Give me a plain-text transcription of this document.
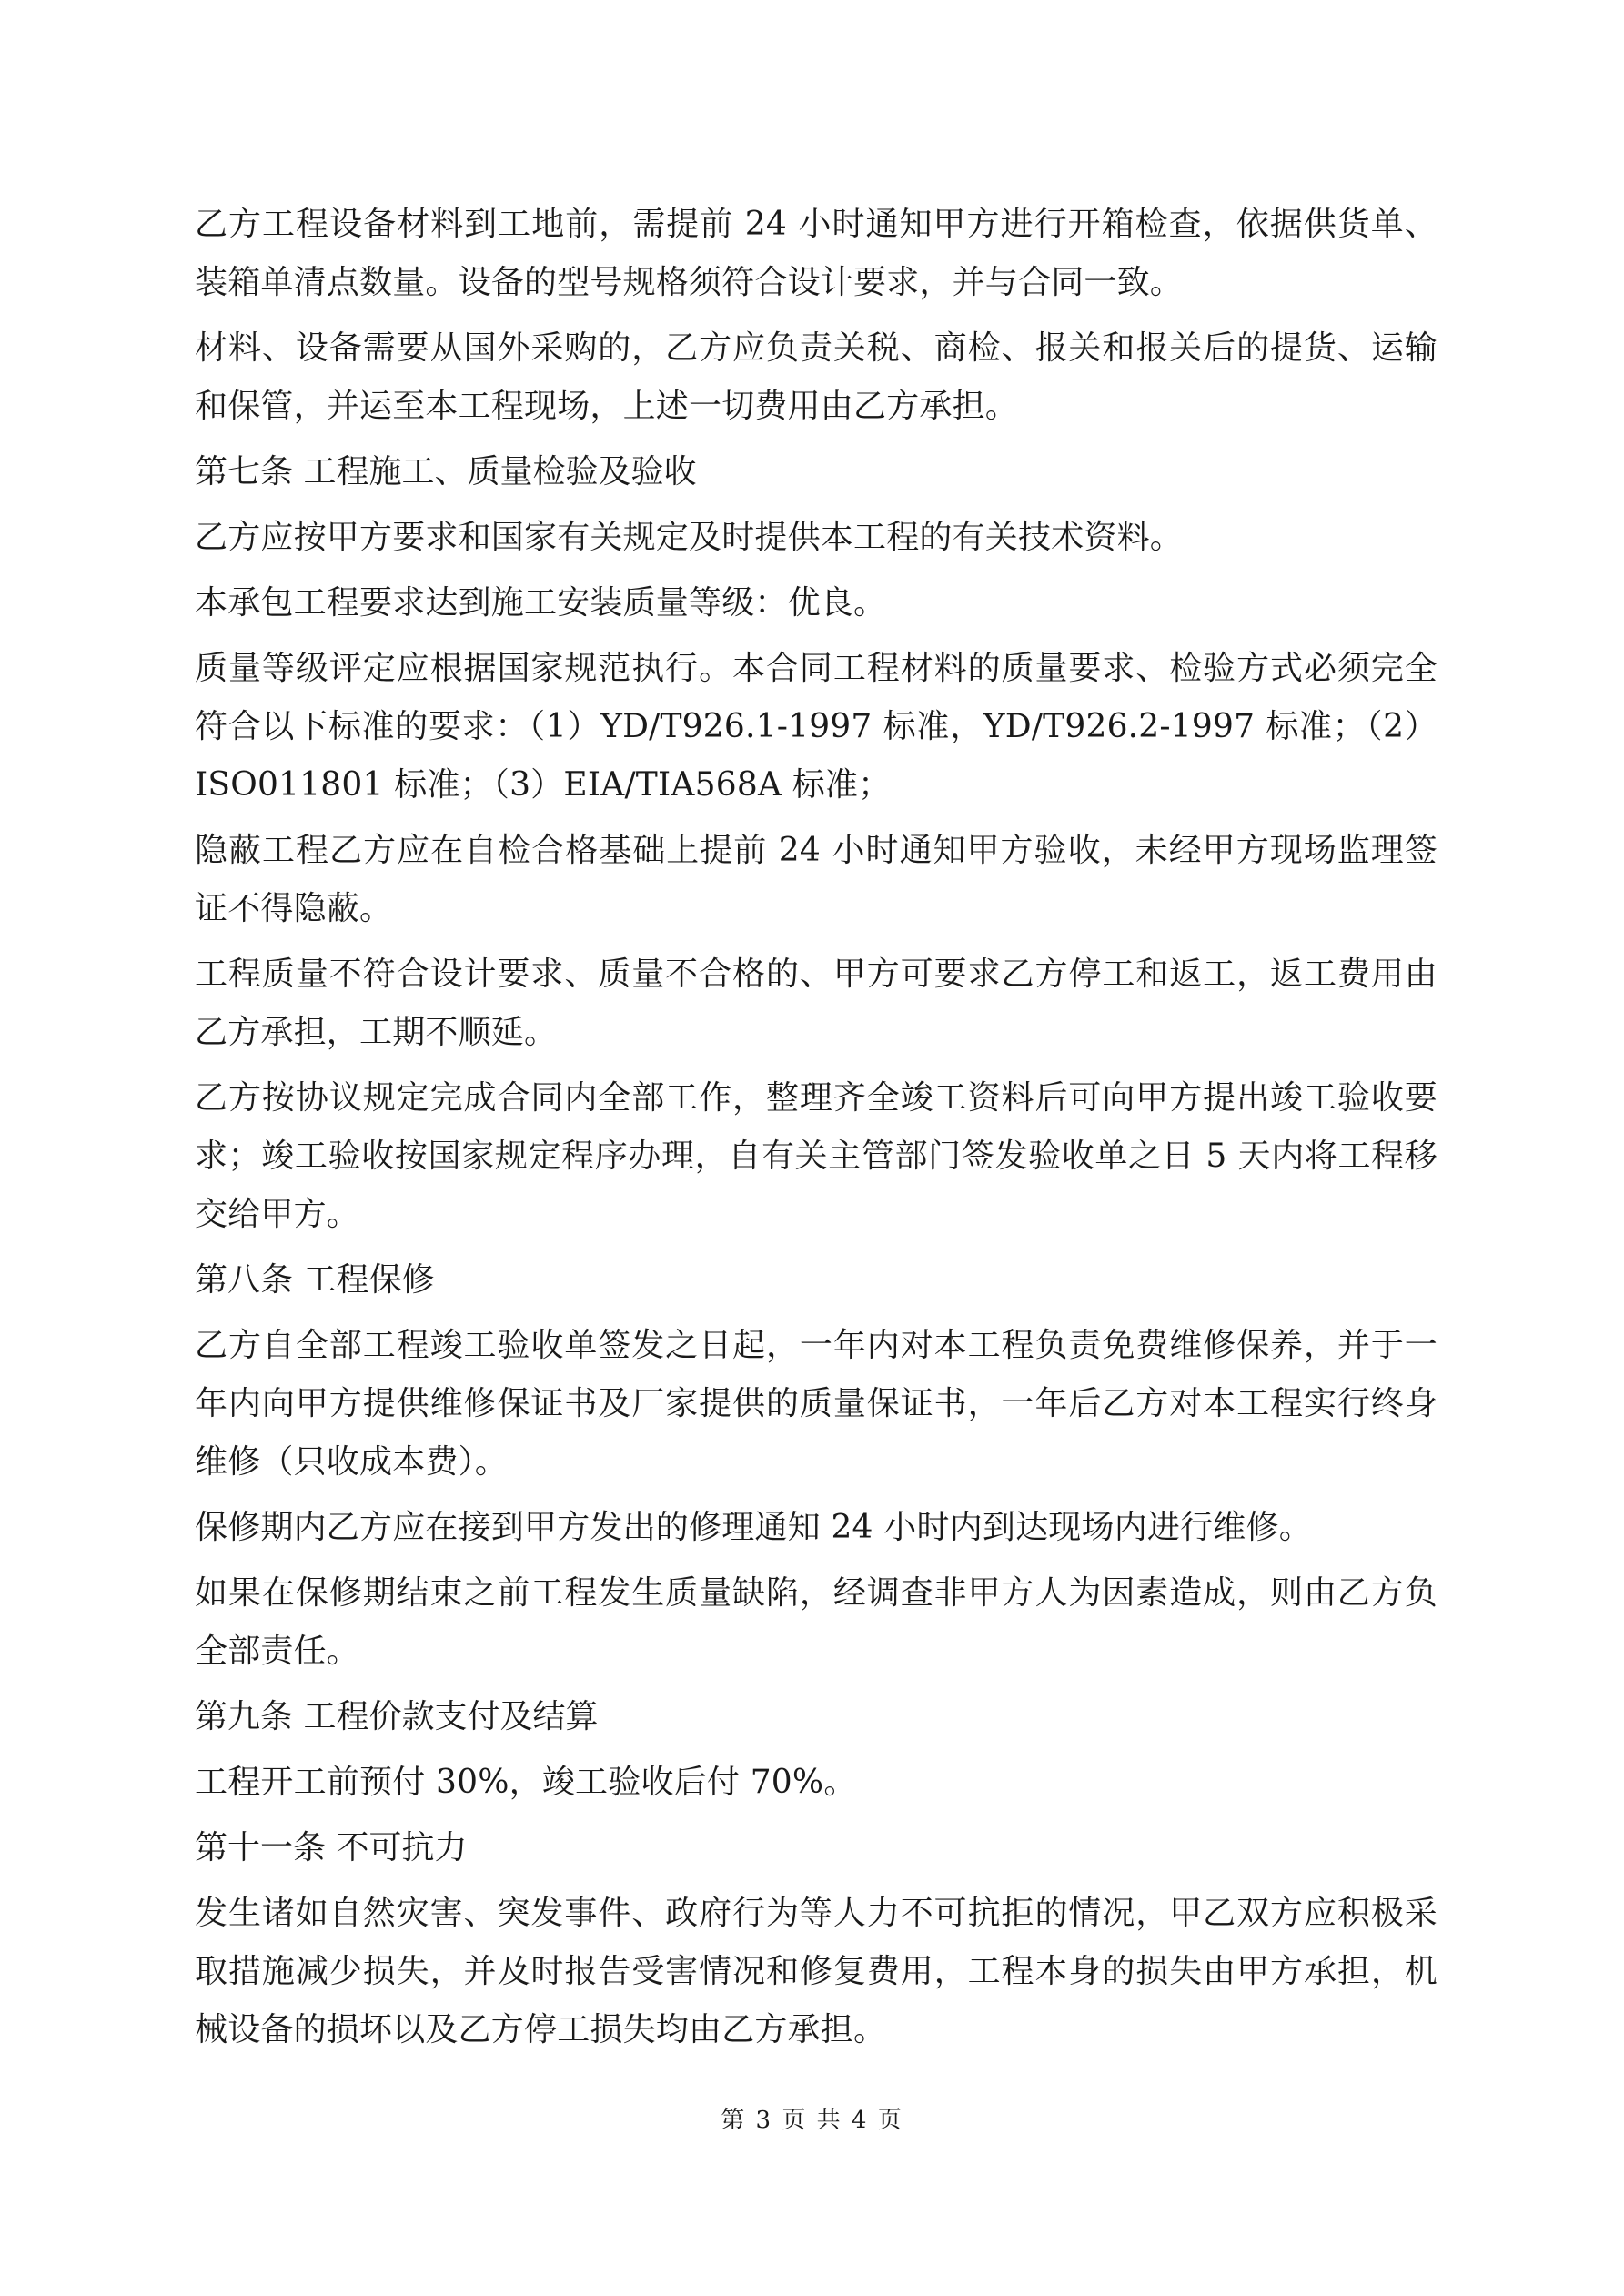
乙方工程设备材料到工地前，需提前 24 小时通知甲方进行开箱检查，依据供货单、装箱单清点数量。设备的型号规格须符合设计要求，并与合同一致。

材料、设备需要从国外采购的，乙方应负责关税、商检、报关和报关后的提货、运输和保管，并运至本工程现场，上述一切费用由乙方承担。

第七条 工程施工、质量检验及验收

乙方应按甲方要求和国家有关规定及时提供本工程的有关技术资料。

本承包工程要求达到施工安装质量等级：优良。

质量等级评定应根据国家规范执行。本合同工程材料的质量要求、检验方式必须完全符合以下标准的要求：（1）YD/T926.1-1997 标准，YD/T926.2-1997 标准；（2）ISO011801 标准；（3）EIA/TIA568A 标准；

隐蔽工程乙方应在自检合格基础上提前 24 小时通知甲方验收，未经甲方现场监理签证不得隐蔽。

工程质量不符合设计要求、质量不合格的、甲方可要求乙方停工和返工，返工费用由乙方承担，工期不顺延。

乙方按协议规定完成合同内全部工作，整理齐全竣工资料后可向甲方提出竣工验收要求；竣工验收按国家规定程序办理，自有关主管部门签发验收单之日 5 天内将工程移交给甲方。

第八条 工程保修

乙方自全部工程竣工验收单签发之日起，一年内对本工程负责免费维修保养，并于一年内向甲方提供维修保证书及厂家提供的质量保证书，一年后乙方对本工程实行终身维修（只收成本费）。

保修期内乙方应在接到甲方发出的修理通知 24 小时内到达现场内进行维修。

如果在保修期结束之前工程发生质量缺陷，经调查非甲方人为因素造成，则由乙方负全部责任。

第九条 工程价款支付及结算

工程开工前预付 30%，竣工验收后付 70%。

第十一条 不可抗力

发生诸如自然灾害、突发事件、政府行为等人力不可抗拒的情况，甲乙双方应积极采取措施减少损失，并及时报告受害情况和修复费用，工程本身的损失由甲方承担，机械设备的损坏以及乙方停工损失均由乙方承担。

第 3 页 共 4 页
